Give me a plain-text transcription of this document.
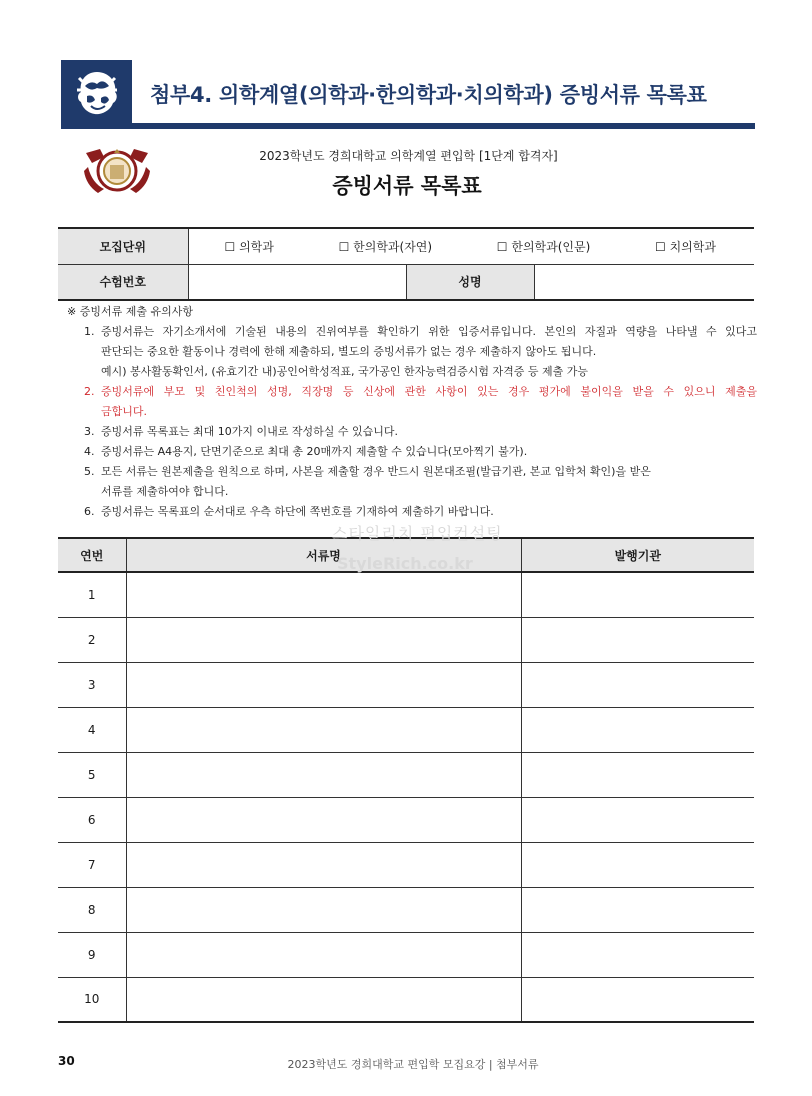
첨부4. 의학계열(의학과·한의학과·치의학과) 증빙서류 목록표
2023학년도 경희대학교 의학계열 편입학 [1단계 합격자]
증빙서류 목록표
모집단위	☐ 의학과 ☐ 한의학과(자연) ☐ 한의학과(인문) ☐ 치의학과		

수험번호		성명	
※ 증빙서류 제출 유의사항
1. 증빙서류는 자기소개서에 기술된 내용의 진위여부를 확인하기 위한 입증서류입니다. 본인의 자질과 역량을 나타낼 수 있다고
판단되는 중요한 활동이나 경력에 한해 제출하되, 별도의 증빙서류가 없는 경우 제출하지 않아도 됩니다.
예시) 봉사활동확인서, (유효기간 내)공인어학성적표, 국가공인 한자능력검증시험 자격증 등 제출 가능
2. 증빙서류에 부모 및 친인척의 성명, 직장명 등 신상에 관한 사항이 있는 경우 평가에 불이익을 받을 수 있으니 제출을
금합니다.
3. 증빙서류 목록표는 최대 10가지 이내로 작성하실 수 있습니다.
4. 증빙서류는 A4용지, 단면기준으로 최대 총 20매까지 제출할 수 있습니다(모아찍기 불가).
5. 모든 서류는 원본제출을 원칙으로 하며, 사본을 제출할 경우 반드시 원본대조필(발급기관, 본교 입학처 확인)을 받은
서류를 제출하여야 합니다.
6. 증빙서류는 목록표의 순서대로 우측 하단에 쪽번호를 기재하여 제출하기 바랍니다.
연번	서류명	발행기관
1		
2		
3		
4		
5		
6		
7		
8		
9		
10		
스타일리치 편입컨설팅
StyleRich.co.kr
30	2023학년도 경희대학교 편입학 모집요강 | 첨부서류
